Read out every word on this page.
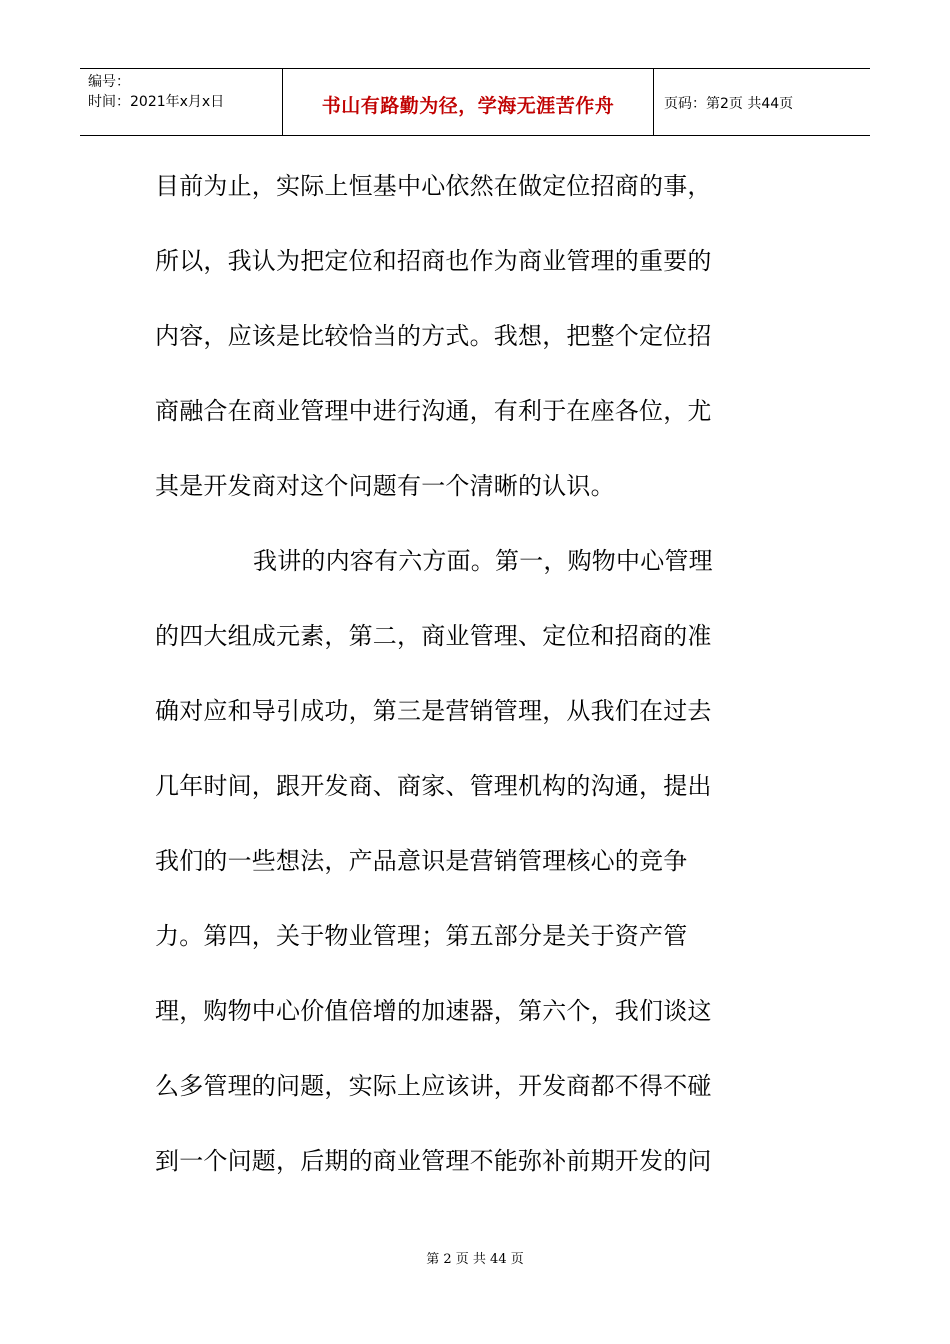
编号：
时间：2021年x月x日	书山有路勤为径，学海无涯苦作舟	页码：第2页 共44页
目前为止，实际上恒基中心依然在做定位招商的事，
所以，我认为把定位和招商也作为商业管理的重要的
内容，应该是比较恰当的方式。我想，把整个定位招
商融合在商业管理中进行沟通，有利于在座各位，尤
其是开发商对这个问题有一个清晰的认识。
我讲的内容有六方面。第一，购物中心管理
的四大组成元素，第二，商业管理、定位和招商的准
确对应和导引成功，第三是营销管理，从我们在过去
几年时间，跟开发商、商家、管理机构的沟通，提出
我们的一些想法，产品意识是营销管理核心的竞争
力。第四，关于物业管理；第五部分是关于资产管
理，购物中心价值倍增的加速器，第六个，我们谈这
么多管理的问题，实际上应该讲，开发商都不得不碰
到一个问题，后期的商业管理不能弥补前期开发的问
第 2 页 共 44 页
